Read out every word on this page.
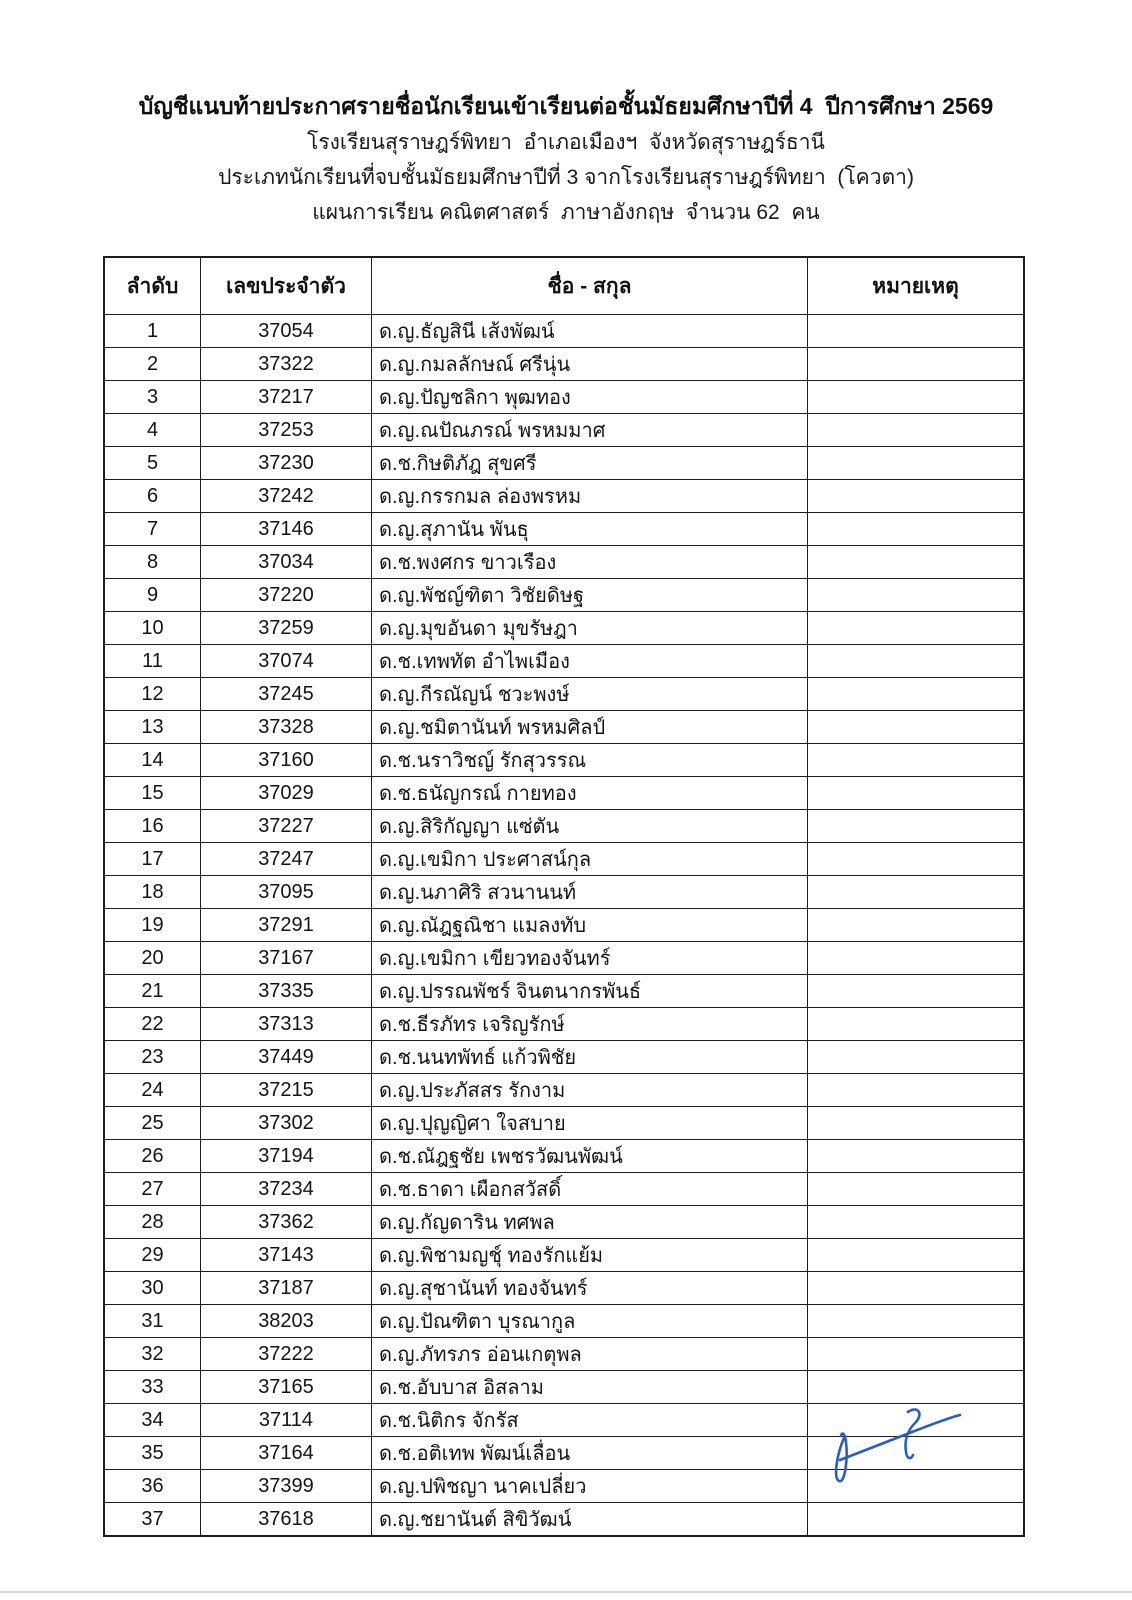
บัญชีแนบท้ายประกาศรายชื่อนักเรียนเข้าเรียนต่อชั้นมัธยมศึกษาปีที่ 4  ปีการศึกษา 2569
โรงเรียนสุราษฎร์พิทยา  อำเภอเมืองฯ  จังหวัดสุราษฎร์ธานี
ประเภทนักเรียนที่จบชั้นมัธยมศึกษาปีที่ 3 จากโรงเรียนสุราษฎร์พิทยา  (โควตา)
แผนการเรียน คณิตศาสตร์  ภาษาอังกฤษ  จำนวน 62  คน
ลำดับ	เลขประจำตัว	ชื่อ - สกุล	หมายเหตุ
1	37054	ด.ญ.ธัญสินี เส้งพัฒน์	
2	37322	ด.ญ.กมลลักษณ์ ศรีนุ่น	
3	37217	ด.ญ.ปัญชลิกา พุฒทอง	
4	37253	ด.ญ.ณปัณภรณ์ พรหมมาศ	
5	37230	ด.ช.กิษติภัฎ สุขศรี	
6	37242	ด.ญ.กรรกมล ล่องพรหม	
7	37146	ด.ญ.สุภานัน พันธุ	
8	37034	ด.ช.พงศกร ขาวเรือง	
9	37220	ด.ญ.พัชญ์ฑิตา วิชัยดิษฐ	
10	37259	ด.ญ.มุขอันดา มุขรัษฎา	
11	37074	ด.ช.เทพทัต อำไพเมือง	
12	37245	ด.ญ.กีรณัญน์ ชวะพงษ์	
13	37328	ด.ญ.ชมิตานันท์ พรหมศิลป์	
14	37160	ด.ช.นราวิชญ์ รักสุวรรณ	
15	37029	ด.ช.ธนัญกรณ์ กายทอง	
16	37227	ด.ญ.สิริกัญญา แซ่ตัน	
17	37247	ด.ญ.เขมิกา ประศาสน์กุล	
18	37095	ด.ญ.นภาศิริ สวนานนท์	
19	37291	ด.ญ.ณัฎฐณิชา แมลงทับ	
20	37167	ด.ญ.เขมิกา เขียวทองจันทร์	
21	37335	ด.ญ.ปรรณพัชร์ จินตนากรพันธ์	
22	37313	ด.ช.ธีรภัทร เจริญรักษ์	
23	37449	ด.ช.นนทพัทธ์ แก้วพิชัย	
24	37215	ด.ญ.ประภัสสร รักงาม	
25	37302	ด.ญ.ปุญญิศา ใจสบาย	
26	37194	ด.ช.ณัฎฐชัย เพชรวัฒนพัฒน์	
27	37234	ด.ช.ธาดา เผือกสวัสดิ์	
28	37362	ด.ญ.กัญดาริน ทศพล	
29	37143	ด.ญ.พิชามญชุ์ ทองรักแย้ม	
30	37187	ด.ญ.สุชานันท์ ทองจันทร์	
31	38203	ด.ญ.ปัณฑิตา บุรณากูล	
32	37222	ด.ญ.ภัทรภร อ่อนเกตุพล	
33	37165	ด.ช.อับบาส อิสลาม	
34	37114	ด.ช.นิติกร จักรัส	
35	37164	ด.ช.อติเทพ พัฒน์เลื่อน	
36	37399	ด.ญ.ปพิชญา นาคเปลี่ยว	
37	37618	ด.ญ.ชยานันต์ สิขิวัฒน์	
